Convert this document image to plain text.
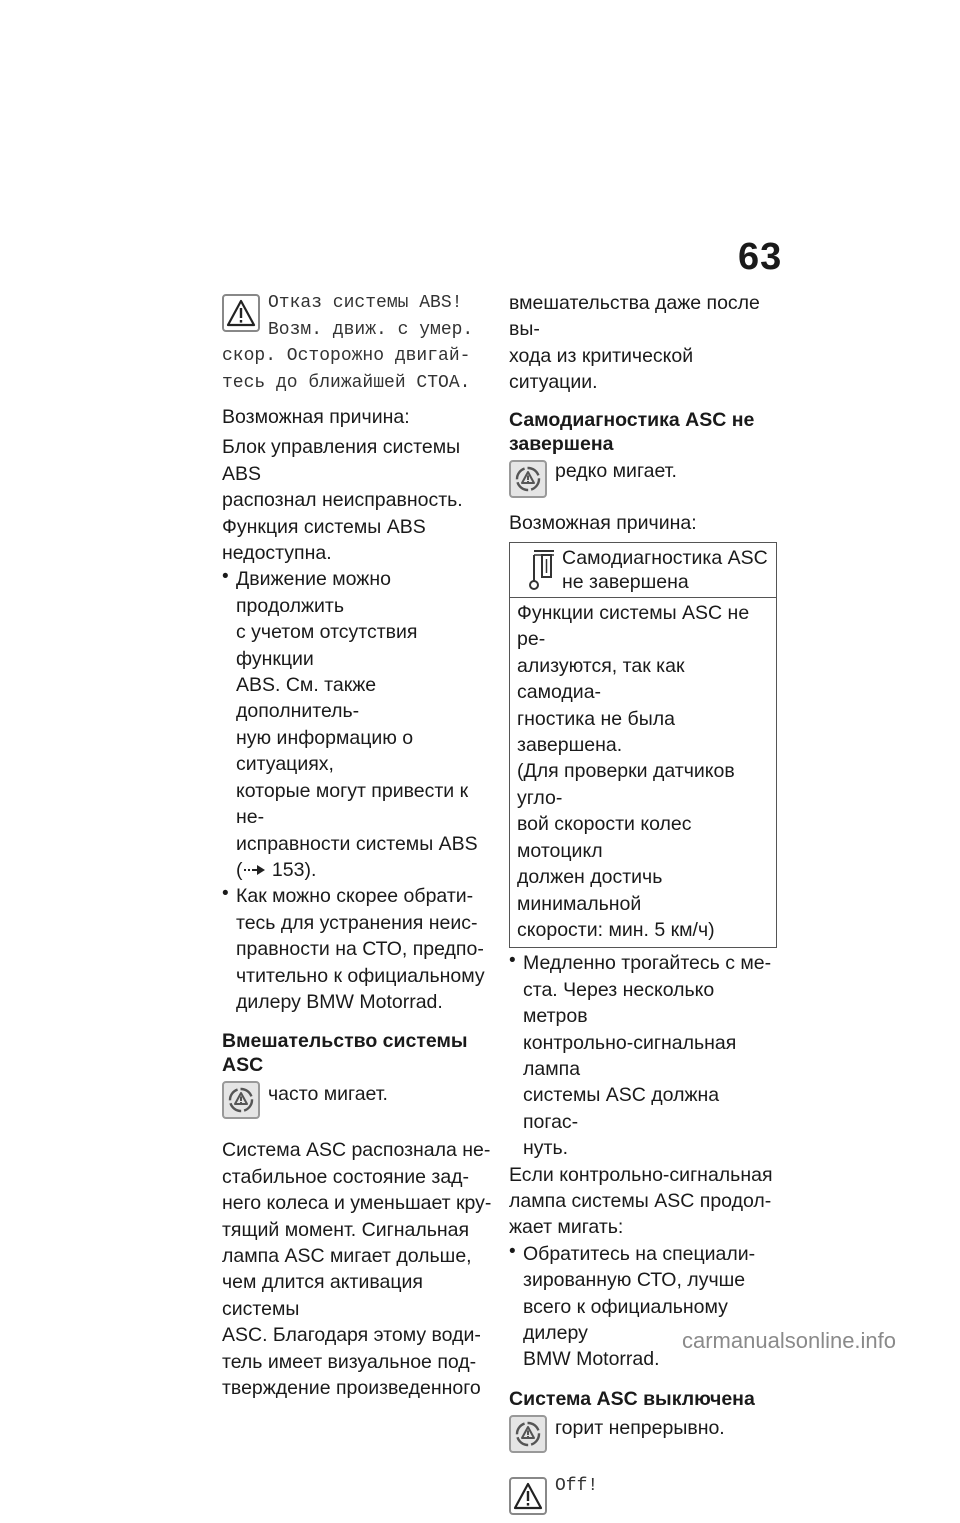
63
Отказ системы ABS!
Возм. движ. с умер.
скор. Осторожно двигай-
тесь до ближайшей СТОА.

Возможная причина:

Блок управления системы ABS

распознал неисправность.

Функция системы ABS

недоступна.

• Движение можно продолжить

с учетом отсутствия функции

ABS. См. также дополнитель-

ную информацию о ситуациях,

которые могут привести к не-

исправности системы ABS

( 153).

• Как можно скорее обрати-

тесь для устранения неис-

правности на СТО, предпо-

чтительно к официальному

дилеру BMW Motorrad.

Вмешательство системы

ASC

часто мигает.

Система ASC распознала не-

стабильное состояние зад-

него колеса и уменьшает кру-

тящий момент. Сигнальная

лампа ASC мигает дольше,

чем длится активация системы

ASC. Благодаря этому води-

тель имеет визуальное под-

тверждение произведенного

вмешательства даже после вы-

хода из критической ситуации.

Самодиагностика ASC не

завершена

редко мигает.

Возможная причина:

Самодиагностика ASC

не завершена

Функции системы ASC не ре-

ализуются, так как самодиа-

гностика не была завершена.

(Для проверки датчиков угло-

вой скорости колес мотоцикл

должен достичь минимальной

скорости: мин. 5 км/ч)

• Медленно трогайтесь с ме-

ста. Через несколько метров

контрольно-сигнальная лампа

системы ASC должна погас-

нуть.

Если контрольно-сигнальная

лампа системы ASC продол-

жает мигать:

• Обратитесь на специали-

зированную СТО, лучше

всего к официальному дилеру

BMW Motorrad.

Система ASC выключена

горит непрерывно.

Off!
carmanualsonline.info
